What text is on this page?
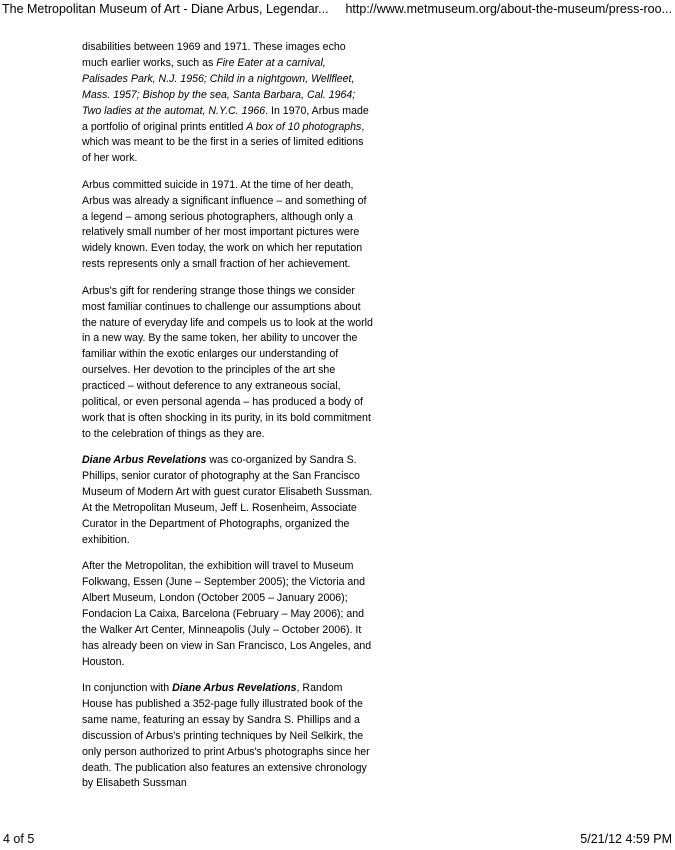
The Metropolitan Museum of Art - Diane Arbus, Legendar... http://www.metmuseum.org/about-the-museum/press-roo...

disabilities between 1969 and 1971. These images echo much earlier works, such as Fire Eater at a carnival, Palisades Park, N.J. 1956; Child in a nightgown, Wellfleet, Mass. 1957; Bishop by the sea, Santa Barbara, Cal. 1964; Two ladies at the automat, N.Y.C. 1966. In 1970, Arbus made a portfolio of original prints entitled A box of 10 photographs, which was meant to be the first in a series of limited editions of her work.

Arbus committed suicide in 1971. At the time of her death, Arbus was already a significant influence – and something of a legend – among serious photographers, although only a relatively small number of her most important pictures were widely known. Even today, the work on which her reputation rests represents only a small fraction of her achievement.

Arbus's gift for rendering strange those things we consider most familiar continues to challenge our assumptions about the nature of everyday life and compels us to look at the world in a new way. By the same token, her ability to uncover the familiar within the exotic enlarges our understanding of ourselves. Her devotion to the principles of the art she practiced – without deference to any extraneous social, political, or even personal agenda – has produced a body of work that is often shocking in its purity, in its bold commitment to the celebration of things as they are.

Diane Arbus Revelations was co-organized by Sandra S. Phillips, senior curator of photography at the San Francisco Museum of Modern Art with guest curator Elisabeth Sussman. At the Metropolitan Museum, Jeff L. Rosenheim, Associate Curator in the Department of Photographs, organized the exhibition.

After the Metropolitan, the exhibition will travel to Museum Folkwang, Essen (June – September 2005); the Victoria and Albert Museum, London (October 2005 – January 2006); Fondacion La Caixa, Barcelona (February – May 2006); and the Walker Art Center, Minneapolis (July – October 2006). It has already been on view in San Francisco, Los Angeles, and Houston.

In conjunction with Diane Arbus Revelations, Random House has published a 352-page fully illustrated book of the same name, featuring an essay by Sandra S. Phillips and a discussion of Arbus's printing techniques by Neil Selkirk, the only person authorized to print Arbus's photographs since her death. The publication also features an extensive chronology by Elisabeth Sussman

4 of 5	5/21/12 4:59 PM
